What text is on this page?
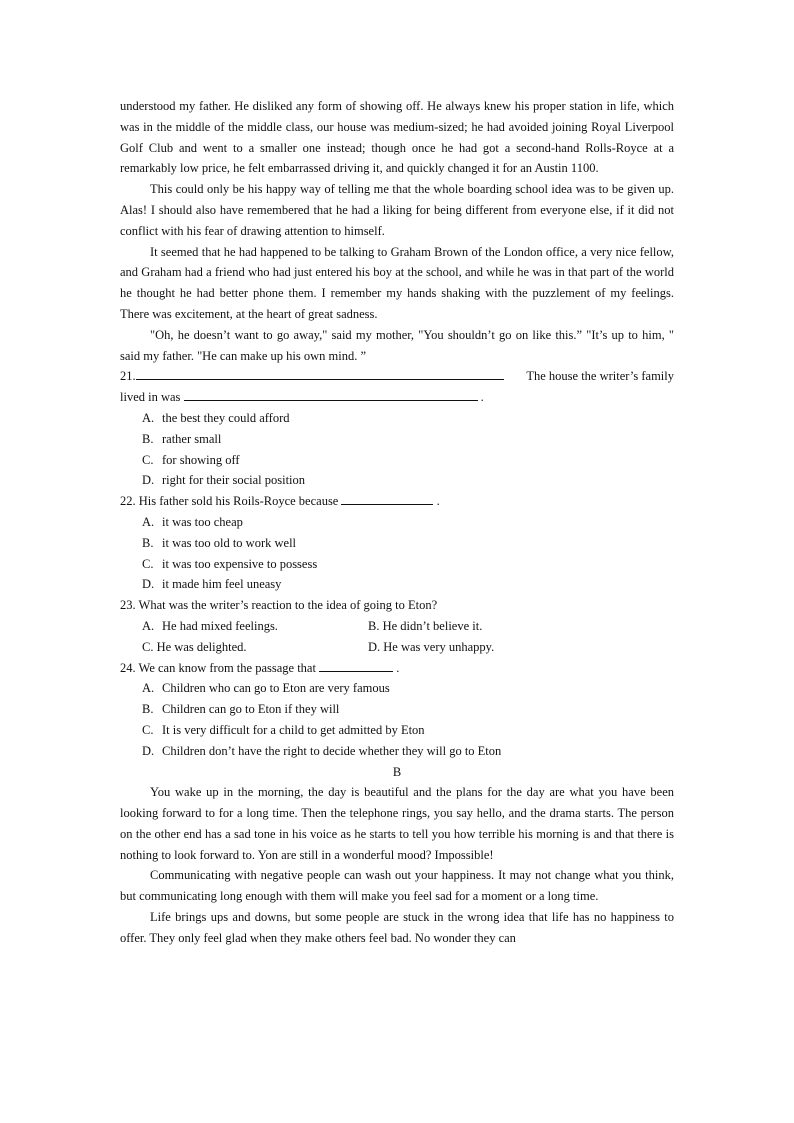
understood my father. He disliked any form of showing off. He always knew his proper station in life, which was in the middle of the middle class, our house was medium-sized; he had avoided joining Royal Liverpool Golf Club and went to a smaller one instead; though once he had got a second-hand Rolls-Royce at a remarkably low price, he felt embarrassed driving it, and quickly changed it for an Austin 1100.

This could only be his happy way of telling me that the whole boarding school idea was to be given up. Alas! I should also have remembered that he had a liking for being different from everyone else, if it did not conflict with his fear of drawing attention to himself.

It seemed that he had happened to be talking to Graham Brown of the London office, a very nice fellow, and Graham had a friend who had just entered his boy at the school, and while he was in that part of the world he thought he had better phone them. I remember my hands shaking with the puzzlement of my feelings. There was excitement, at the heart of great sadness.

"Oh, he doesn’t want to go away," said my mother, "You shouldn’t go on like this.” "It’s up to him, " said my father. "He can make up his own mind. ”

21.	The house the writer’s family
lived in was	.
A. the best they could afford
B. rather small
C. for showing off
D. right for their social position
22. His father sold his Roils-Royce because	.
A. it was too cheap
B. it was too old to work well
C. it was too expensive to possess
D. it made him feel uneasy
23. What was the writer’s reaction to the idea of going to Eton?
A. He had mixed feelings.	B. He didn’t believe it.
C. He was delighted.	D. He was very unhappy.
24. We can know from the passage that	.
A. Children who can go to Eton are very famous
B. Children can go to Eton if they will
C. It is very difficult for a child to get admitted by Eton
D. Children don’t have the right to decide whether they will go to Eton
B

You wake up in the morning, the day is beautiful and the plans for the day are what you have been looking forward to for a long time. Then the telephone rings, you say hello, and the drama starts. The person on the other end has a sad tone in his voice as he starts to tell you how terrible his morning is and that there is nothing to look forward to. Yon are still in a wonderful mood? Impossible!

Communicating with negative people can wash out your happiness. It may not change what you think, but communicating long enough with them will make you feel sad for a moment or a long time.

Life brings ups and downs, but some people are stuck in the wrong idea that life has no happiness to offer. They only feel glad when they make others feel bad. No wonder they can
